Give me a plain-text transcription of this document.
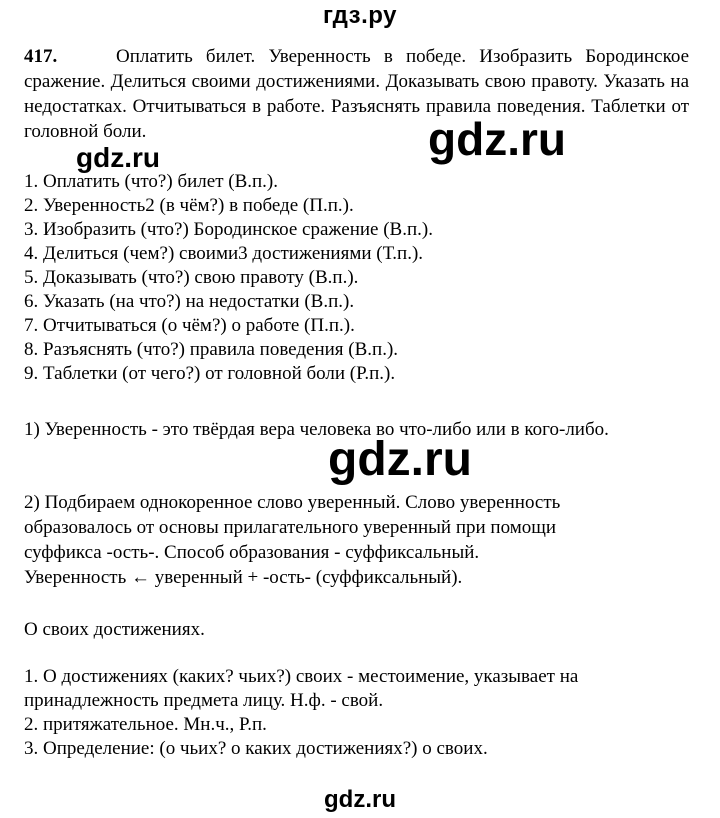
гдз.ру
417.	Оплатить билет. Уверенность в победе. Изобразить Бородинское сражение. Делиться своими достижениями. Доказывать свою правоту. Указать на недостатках. Отчитываться в работе. Разъяснять правила поведения. Таблетки от головной боли.
gdz.ru	gdz.ru
1. Оплатить (что?) билет (В.п.).
2. Уверенность2 (в чём?) в победе (П.п.).
3. Изобразить (что?) Бородинское сражение (В.п.).
4. Делиться (чем?) своими3 достижениями (Т.п.).
5. Доказывать (что?) свою правоту (В.п.).
6. Указать (на что?) на недостатки (В.п.).
7. Отчитываться (о чём?) о работе (П.п.).
8. Разъяснять (что?) правила поведения (В.п.).
9. Таблетки (от чего?) от головной боли (Р.п.).

1) Уверенность - это твёрдая вера человека во что-либо или в кого-либо.

gdz.ru
2) Подбираем однокоренное слово уверенный. Слово уверенность
образовалось от основы прилагательного уверенный при помощи
суффикса -ость-. Способ образования - суффиксальный.
Уверенность ← уверенный + -ость- (суффиксальный).

О своих достижениях.

1. О достижениях (каких? чьих?) своих - местоимение, указывает на
принадлежность предмета лицу. Н.ф. - свой.
2. притяжательное. Мн.ч., Р.п.
3. Определение: (о чьих? о каких достижениях?) о своих.
gdz.ru
